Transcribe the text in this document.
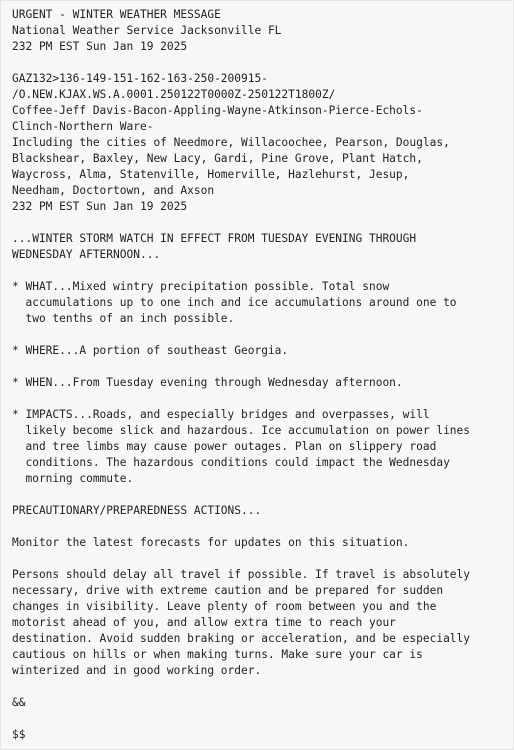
URGENT - WINTER WEATHER MESSAGE
National Weather Service Jacksonville FL
232 PM EST Sun Jan 19 2025
GAZ132>136-149-151-162-163-250-200915-
/O.NEW.KJAX.WS.A.0001.250122T0000Z-250122T1800Z/
Coffee-Jeff Davis-Bacon-Appling-Wayne-Atkinson-Pierce-Echols-
Clinch-Northern Ware-
Including the cities of Needmore, Willacoochee, Pearson, Douglas,
Blackshear, Baxley, New Lacy, Gardi, Pine Grove, Plant Hatch,
Waycross, Alma, Statenville, Homerville, Hazlehurst, Jesup,
Needham, Doctortown, and Axson
232 PM EST Sun Jan 19 2025
...WINTER STORM WATCH IN EFFECT FROM TUESDAY EVENING THROUGH
WEDNESDAY AFTERNOON...
* WHAT...Mixed wintry precipitation possible. Total snow
accumulations up to one inch and ice accumulations around one to
two tenths of an inch possible.
* WHERE...A portion of southeast Georgia.
* WHEN...From Tuesday evening through Wednesday afternoon.
* IMPACTS...Roads, and especially bridges and overpasses, will
likely become slick and hazardous. Ice accumulation on power lines
and tree limbs may cause power outages. Plan on slippery road
conditions. The hazardous conditions could impact the Wednesday
morning commute.
PRECAUTIONARY/PREPAREDNESS ACTIONS...
Monitor the latest forecasts for updates on this situation.
Persons should delay all travel if possible. If travel is absolutely
necessary, drive with extreme caution and be prepared for sudden
changes in visibility. Leave plenty of room between you and the
motorist ahead of you, and allow extra time to reach your
destination. Avoid sudden braking or acceleration, and be especially
cautious on hills or when making turns. Make sure your car is
winterized and in good working order.
&&
$$
